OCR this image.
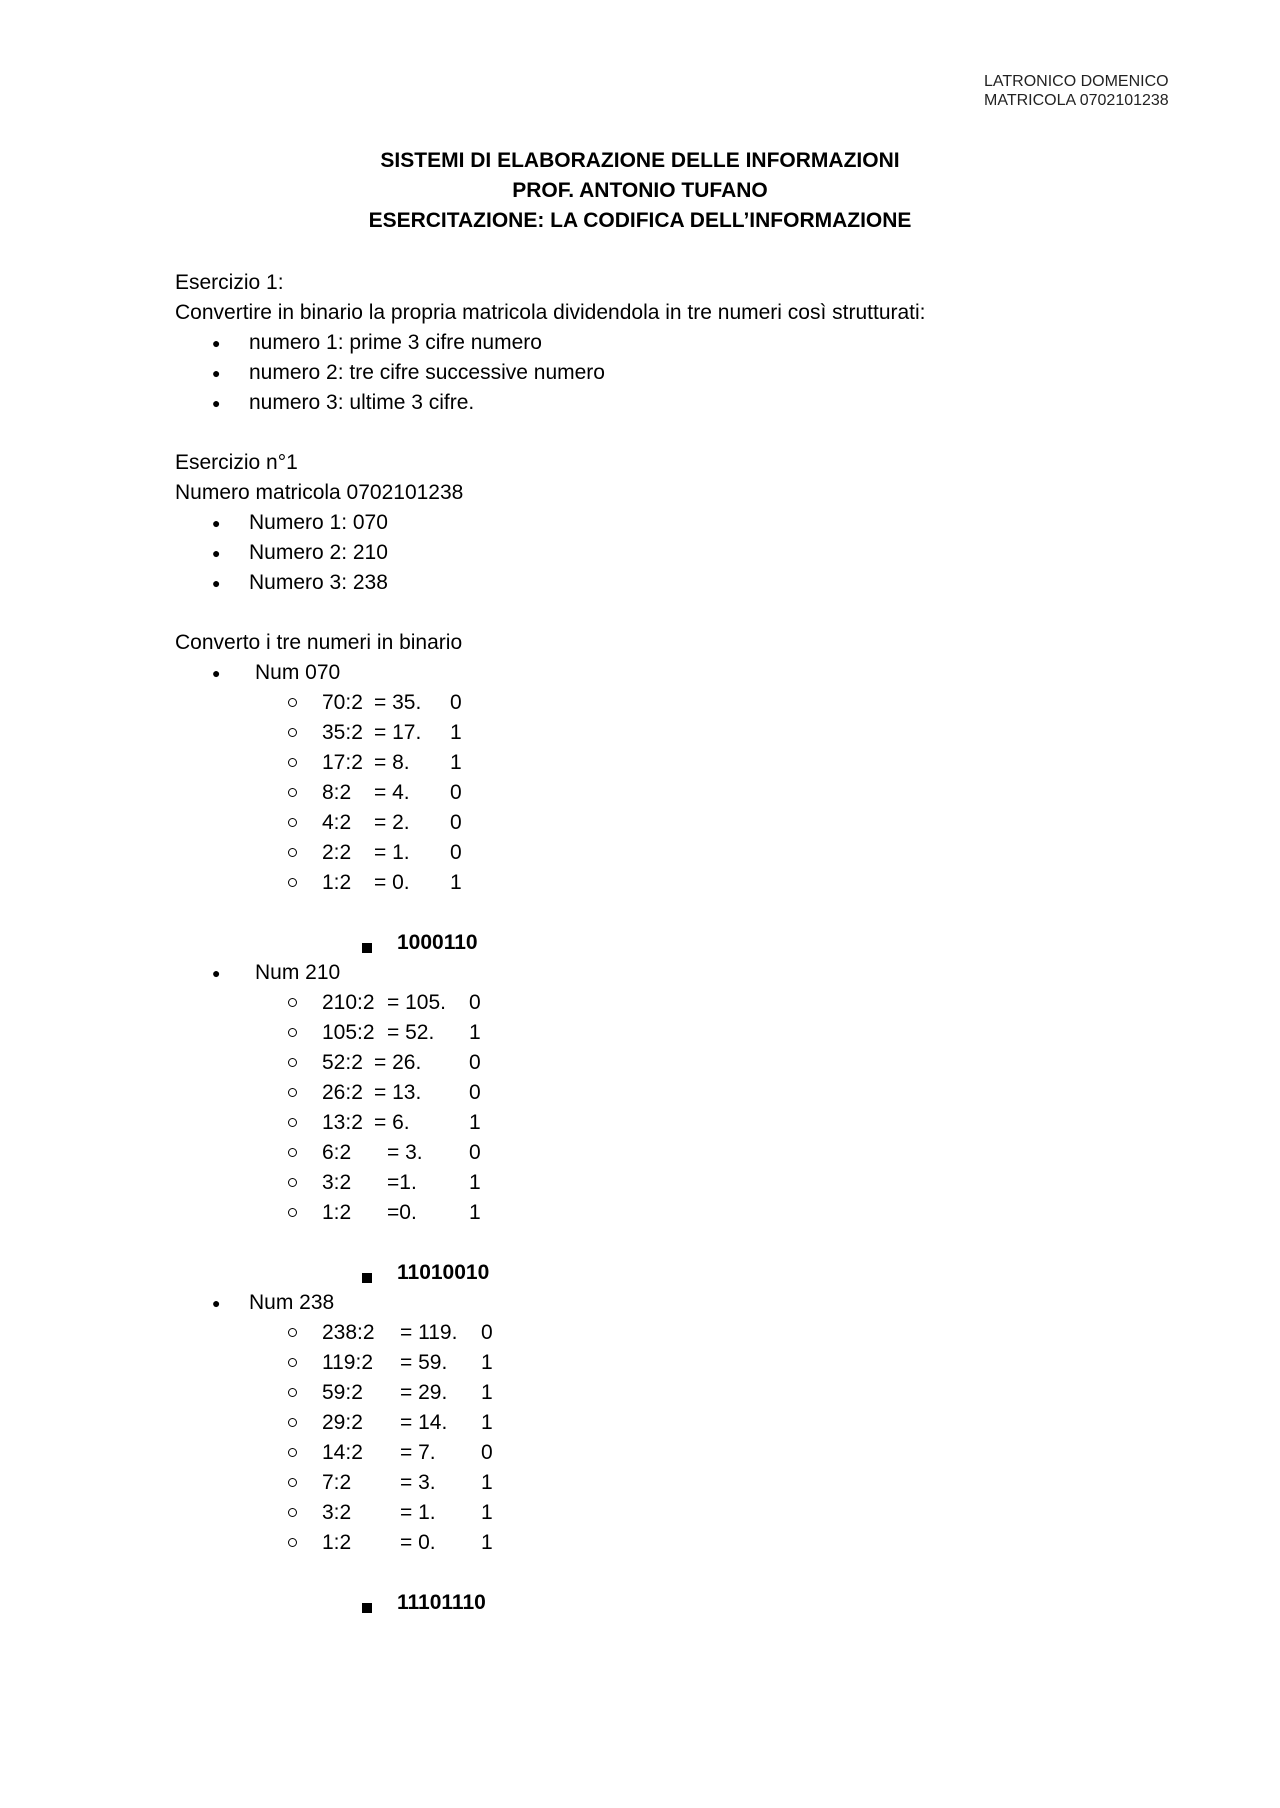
LATRONICO DOMENICO
MATRICOLA 0702101238
SISTEMI DI ELABORAZIONE DELLE INFORMAZIONI
PROF. ANTONIO TUFANO
ESERCITAZIONE: LA CODIFICA DELL’INFORMAZIONE
Esercizio 1:
Convertire in binario la propria matricola dividendola in tre numeri così strutturati:
● numero 1: prime 3 cifre numero
● numero 2: tre cifre successive numero
● numero 3: ultime 3 cifre.
Esercizio n°1
Numero matricola 0702101238
● Numero 1: 070
● Numero 2: 210
● Numero 3: 238
Converto i tre numeri in binario
● Num 070
70:2 = 35. 0
35:2 = 17. 1
17:2 = 8. 1
8:2 = 4. 0
4:2 = 2. 0
2:2 = 1. 0
1:2 = 0. 1
1000110
● Num 210
210:2 = 105. 0
105:2 = 52. 1
52:2 = 26. 0
26:2 = 13. 0
13:2 = 6.	1
6:2 = 3. 0
3:2 =1. 1
1:2 =0. 1
11010010
● Num 238
238:2 = 119. 0
119:2 = 59. 1
59:2 = 29. 1
29:2 = 14. 1
14:2 = 7. 0
7:2 = 3. 1
3:2 = 1. 1
1:2 = 0. 1
11101110
